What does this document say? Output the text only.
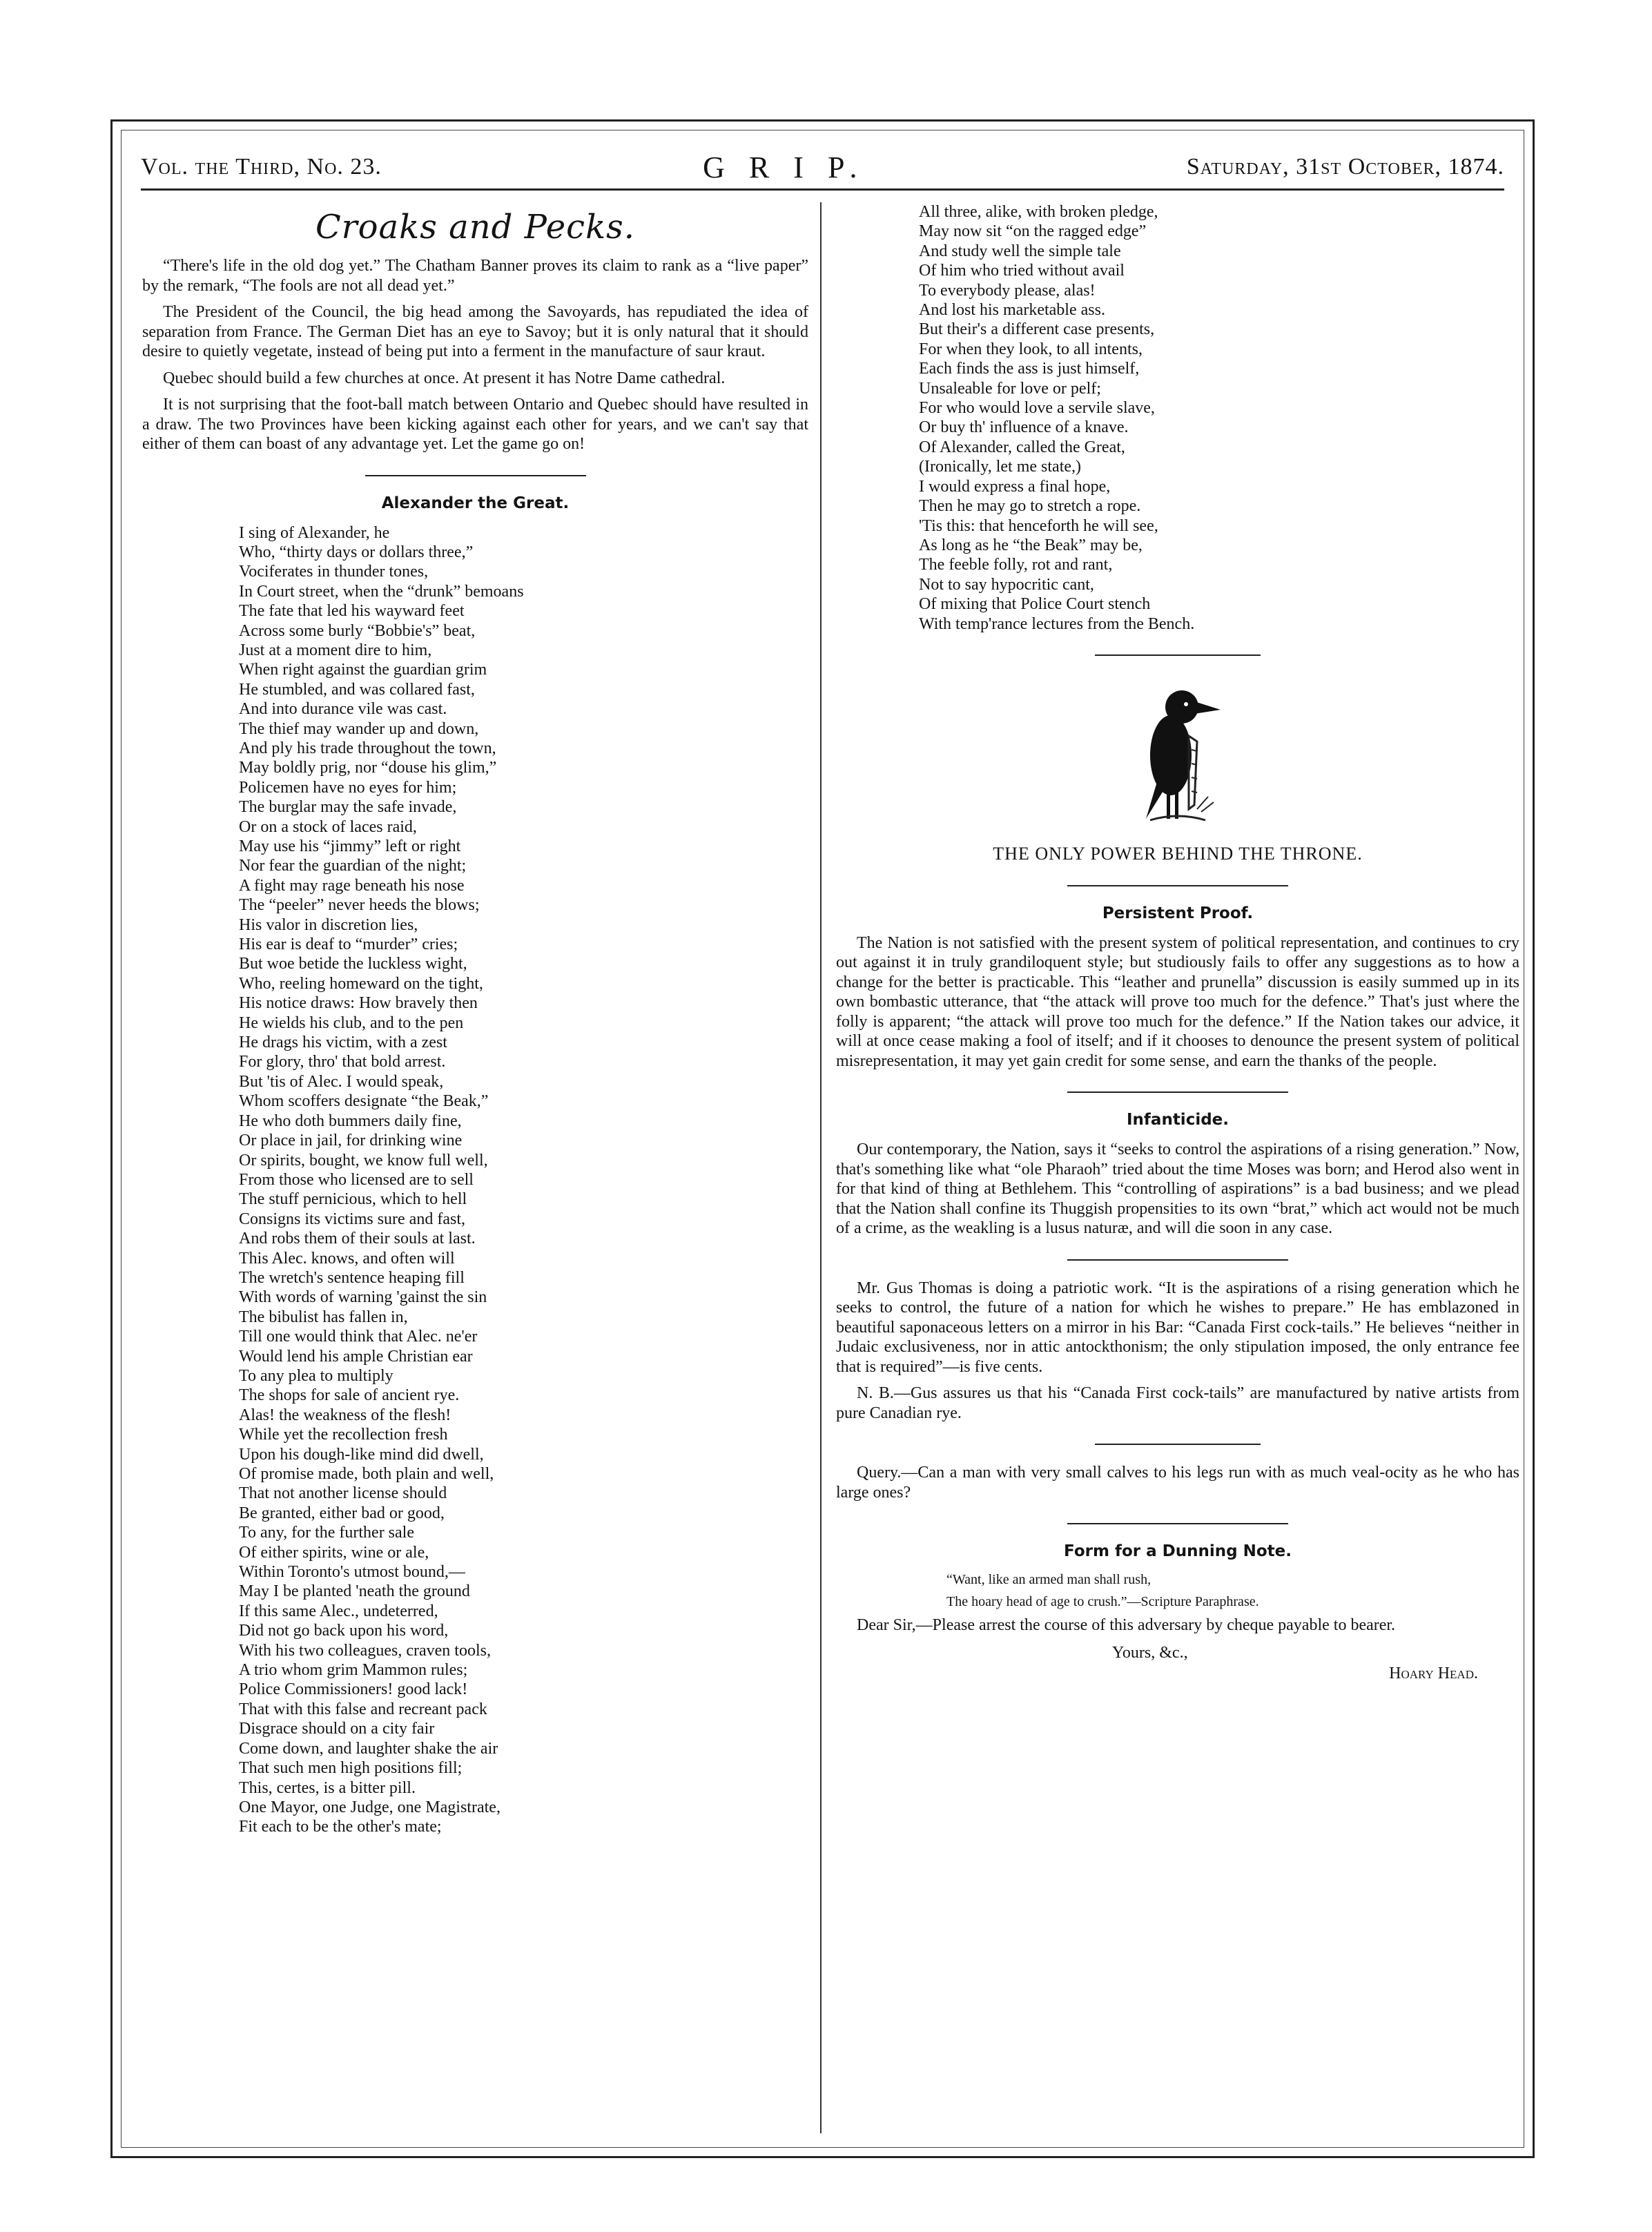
Vol. the Third, No. 23.	G R I P.	Saturday, 31st October, 1874.
Croaks and Pecks.

“There's life in the old dog yet.” The Chatham Banner proves its claim to rank as a “live paper” by the remark, “The fools are not all dead yet.”

The President of the Council, the big head among the Savoyards, has repudiated the idea of separation from France. The German Diet has an eye to Savoy; but it is only natural that it should desire to quietly vegetate, instead of being put into a ferment in the manufacture of saur kraut.

Quebec should build a few churches at once. At present it has Notre Dame cathedral.

It is not surprising that the foot-ball match between Ontario and Quebec should have resulted in a draw. The two Provinces have been kicking against each other for years, and we can't say that either of them can boast of any advantage yet. Let the game go on!

Alexander the Great.
I sing of Alexander, he
Who, “thirty days or dollars three,”
Vociferates in thunder tones,
In Court street, when the “drunk” bemoans
The fate that led his wayward feet
Across some burly “Bobbie's” beat,
Just at a moment dire to him,
When right against the guardian grim
He stumbled, and was collared fast,
And into durance vile was cast.
The thief may wander up and down,
And ply his trade throughout the town,
May boldly prig, nor “douse his glim,”
Policemen have no eyes for him;
The burglar may the safe invade,
Or on a stock of laces raid,
May use his “jimmy” left or right
Nor fear the guardian of the night;
A fight may rage beneath his nose
The “peeler” never heeds the blows;
His valor in discretion lies,
His ear is deaf to “murder” cries;
But woe betide the luckless wight,
Who, reeling homeward on the tight,
His notice draws: How bravely then
He wields his club, and to the pen
He drags his victim, with a zest
For glory, thro' that bold arrest.
But 'tis of Alec. I would speak,
Whom scoffers designate “the Beak,”
He who doth bummers daily fine,
Or place in jail, for drinking wine
Or spirits, bought, we know full well,
From those who licensed are to sell
The stuff pernicious, which to hell
Consigns its victims sure and fast,
And robs them of their souls at last.
This Alec. knows, and often will
The wretch's sentence heaping fill
With words of warning 'gainst the sin
The bibulist has fallen in,
Till one would think that Alec. ne'er
Would lend his ample Christian ear
To any plea to multiply
The shops for sale of ancient rye.
Alas! the weakness of the flesh!
While yet the recollection fresh
Upon his dough-like mind did dwell,
Of promise made, both plain and well,
That not another license should
Be granted, either bad or good,
To any, for the further sale
Of either spirits, wine or ale,
Within Toronto's utmost bound,—
May I be planted 'neath the ground
If this same Alec., undeterred,
Did not go back upon his word,
With his two colleagues, craven tools,
A trio whom grim Mammon rules;
Police Commissioners! good lack!
That with this false and recreant pack
Disgrace should on a city fair
Come down, and laughter shake the air
That such men high positions fill;
This, certes, is a bitter pill.
One Mayor, one Judge, one Magistrate,
Fit each to be the other's mate;
All three, alike, with broken pledge,
May now sit “on the ragged edge”
And study well the simple tale
Of him who tried without avail
To everybody please, alas!
And lost his marketable ass.
But their's a different case presents,
For when they look, to all intents,
Each finds the ass is just himself,
Unsaleable for love or pelf;
For who would love a servile slave,
Or buy th' influence of a knave.
Of Alexander, called the Great,
(Ironically, let me state,)
I would express a final hope,
Then he may go to stretch a rope.
'Tis this: that henceforth he will see,
As long as he “the Beak” may be,
The feeble folly, rot and rant,
Not to say hypocritic cant,
Of mixing that Police Court stench
With temp'rance lectures from the Bench.
THE ONLY POWER BEHIND THE THRONE.
Persistent Proof.

The Nation is not satisfied with the present system of political representation, and continues to cry out against it in truly grandiloquent style; but studiously fails to offer any suggestions as to how a change for the better is practicable. This “leather and prunella” discussion is easily summed up in its own bombastic utterance, that “the attack will prove too much for the defence.” That's just where the folly is apparent; “the attack will prove too much for the defence.” If the Nation takes our advice, it will at once cease making a fool of itself; and if it chooses to denounce the present system of political misrepresentation, it may yet gain credit for some sense, and earn the thanks of the people.

Infanticide.

Our contemporary, the Nation, says it “seeks to control the aspirations of a rising generation.” Now, that's something like what “ole Pharaoh” tried about the time Moses was born; and Herod also went in for that kind of thing at Bethlehem. This “controlling of aspirations” is a bad business; and we plead that the Nation shall confine its Thuggish propensities to its own “brat,” which act would not be much of a crime, as the weakling is a lusus naturæ, and will die soon in any case.

Mr. Gus Thomas is doing a patriotic work. “It is the aspirations of a rising generation which he seeks to control, the future of a nation for which he wishes to prepare.” He has emblazoned in beautiful saponaceous letters on a mirror in his Bar: “Canada First cock-tails.” He believes “neither in Judaic exclusiveness, nor in attic antockthonism; the only stipulation imposed, the only entrance fee that is required”—is five cents.

N. B.—Gus assures us that his “Canada First cock-tails” are manufactured by native artists from pure Canadian rye.

Query.—Can a man with very small calves to his legs run with as much veal-ocity as he who has large ones?

Form for a Dunning Note.
“Want, like an armed man shall rush,
The hoary head of age to crush.”—Scripture Paraphrase.

Dear Sir,—Please arrest the course of this adversary by cheque payable to bearer.

Yours, &c.,
Hoary Head.
